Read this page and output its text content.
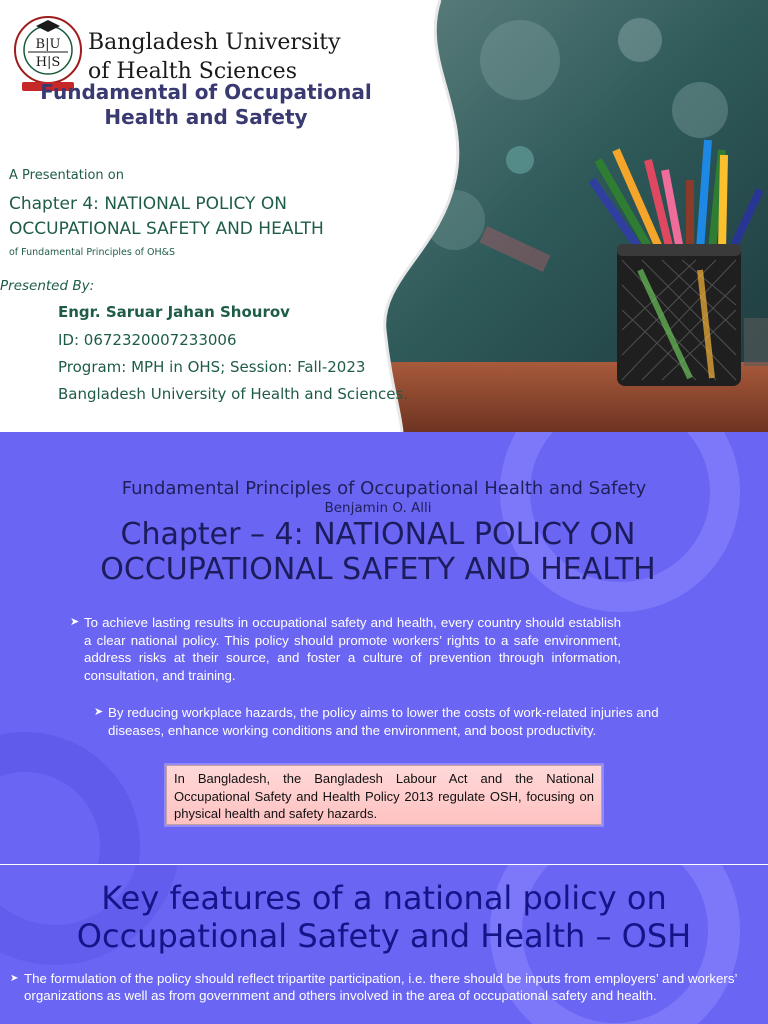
B|U
H|S
Bangladesh University
of Health Sciences
Fundamental of Occupational Health and Safety
A Presentation on
Chapter 4: NATIONAL POLICY ON OCCUPATIONAL SAFETY AND HEALTH
of Fundamental Principles of OH&S
Presented By:
Engr. Saruar Jahan Shourov
ID: 0672320007233006
Program: MPH in OHS; Session: Fall-2023
Bangladesh University of Health and Sciences.
Fundamental Principles of Occupational Health and Safety
Benjamin O. Alli
Chapter – 4: NATIONAL POLICY ON OCCUPATIONAL SAFETY AND HEALTH
➤ To achieve lasting results in occupational safety and health, every country should establish a clear national policy. This policy should promote workers’ rights to a safe environment, address risks at their source, and foster a culture of prevention through information, consultation, and training.
➤ By reducing workplace hazards, the policy aims to lower the costs of work-related injuries and diseases, enhance working conditions and the environment, and boost productivity.
In Bangladesh, the Bangladesh Labour Act and the National Occupational Safety and Health Policy 2013 regulate OSH, focusing on physical health and safety hazards.
Key features of a national policy on Occupational Safety and Health – OSH
➤ The formulation of the policy should reflect tripartite participation, i.e. there should be inputs from employers’ and workers’ organizations as well as from government and others involved in the area of occupational safety and health.
